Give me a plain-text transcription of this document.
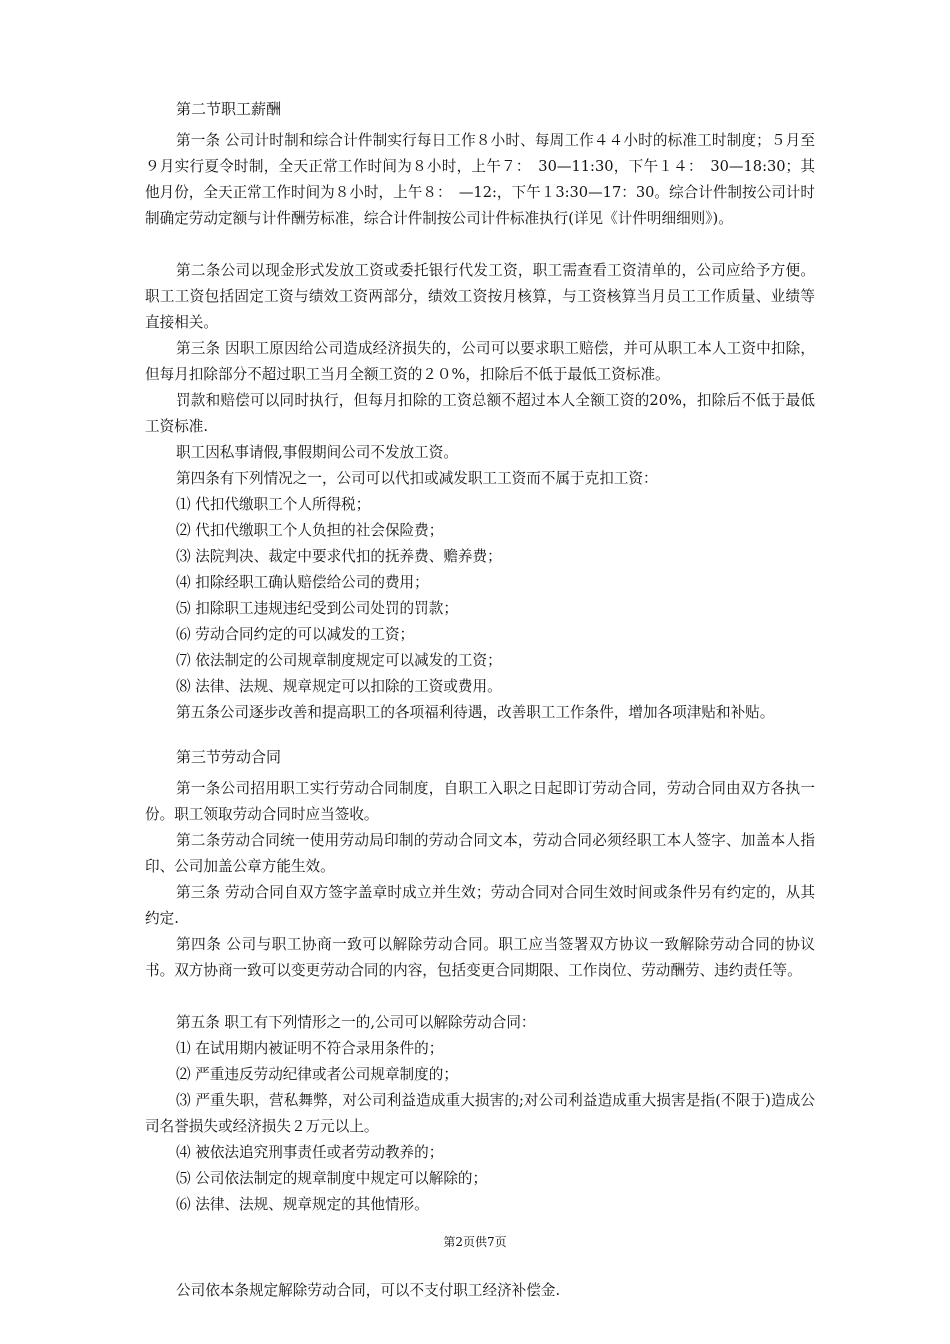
第二节职工薪酬

第一条 公司计时制和综合计件制实行每日工作８小时、每周工作４４小时的标准工时制度；５月至９月实行夏令时制，全天正常工作时间为８小时，上午７：　30—11:30，下午１４：　30—18:30；其他月份，全天正常工作时间为８小时，上午８：　—12:，下午１3:30—17：30。综合计件制按公司计时制确定劳动定额与计件酬劳标准，综合计件制按公司计件标准执行(详见《计件明细细则》)。

第二条公司以现金形式发放工资或委托银行代发工资，职工需查看工资清单的，公司应给予方便。职工工资包括固定工资与绩效工资两部分，绩效工资按月核算，与工资核算当月员工工作质量、业绩等直接相关。

第三条 因职工原因给公司造成经济损失的，公司可以要求职工赔偿，并可从职工本人工资中扣除，但每月扣除部分不超过职工当月全额工资的２０%，扣除后不低于最低工资标准。

罚款和赔偿可以同时执行，但每月扣除的工资总额不超过本人全额工资的20%，扣除后不低于最低工资标准.

职工因私事请假,事假期间公司不发放工资。

第四条有下列情况之一，公司可以代扣或减发职工工资而不属于克扣工资：

⑴ 代扣代缴职工个人所得税；
⑵ 代扣代缴职工个人负担的社会保险费；
⑶ 法院判决、裁定中要求代扣的抚养费、赡养费；
⑷ 扣除经职工确认赔偿给公司的费用；
⑸ 扣除职工违规违纪受到公司处罚的罚款；
⑹ 劳动合同约定的可以减发的工资；
⑺ 依法制定的公司规章制度规定可以减发的工资；
⑻ 法律、法规、规章规定可以扣除的工资或费用。

第五条公司逐步改善和提高职工的各项福利待遇，改善职工工作条件，增加各项津贴和补贴。

第三节劳动合同

第一条公司招用职工实行劳动合同制度，自职工入职之日起即订劳动合同，劳动合同由双方各执一份。职工领取劳动合同时应当签收。

第二条劳动合同统一使用劳动局印制的劳动合同文本，劳动合同必须经职工本人签字、加盖本人指印、公司加盖公章方能生效。

第三条 劳动合同自双方签字盖章时成立并生效；劳动合同对合同生效时间或条件另有约定的，从其约定.

第四条 公司与职工协商一致可以解除劳动合同。职工应当签署双方协议一致解除劳动合同的协议书。双方协商一致可以变更劳动合同的内容，包括变更合同期限、工作岗位、劳动酬劳、违约责任等。

第五条 职工有下列情形之一的,公司可以解除劳动合同：

⑴ 在试用期内被证明不符合录用条件的；
⑵ 严重违反劳动纪律或者公司规章制度的；

⑶ 严重失职，营私舞弊，对公司利益造成重大损害的;对公司利益造成重大损害是指(不限于)造成公司名誉损失或经济损失２万元以上。

⑷ 被依法追究刑事责任或者劳动教养的；
⑸ 公司依法制定的规章制度中规定可以解除的；
⑹ 法律、法规、规章规定的其他情形。
第2页供7页
公司依本条规定解除劳动合同，可以不支付职工经济补偿金.
